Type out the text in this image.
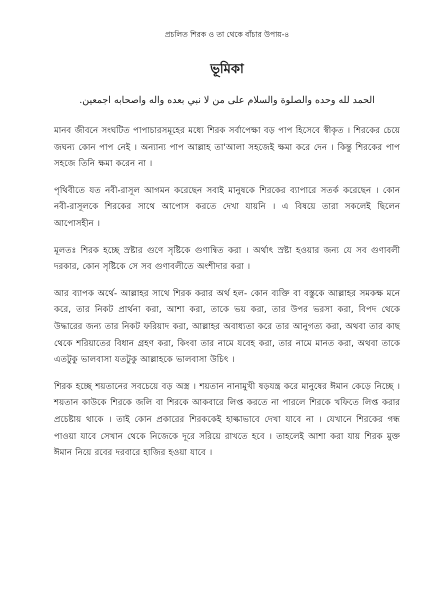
প্রচলিত শিরক ও তা থেকে বাঁচার উপায়-৪
ভূমিকা
الحمد لله وحده والصلوة والسلام على من لا نبي بعده واله واصحابه اجمعين.

মানব জীবনে সংঘটিত পাপাচারসমূহের মধ্যে শিরক সর্বাপেক্ষা বড় পাপ হিসেবে স্বীকৃত । শিরকের চেয়ে জঘন্য কোন পাপ নেই । অন্যান্য পাপ আল্লাহ তা'আলা সহজেই ক্ষমা করে দেন । কিন্তু শিরকের পাপ সহজে তিনি ক্ষমা করেন না ।

পৃথিবীতে যত নবী-রাসূল আগমন করেছেন সবাই মানুষকে শিরকের ব্যাপারে সতর্ক করেছেন । কোন নবী-রাসূলকে শিরকের সাথে আপোস করতে দেখা যায়নি । এ বিষয়ে তারা সকলেই ছিলেন আপোসহীন ।

মূলতঃ শিরক হচ্ছে স্রষ্টার গুণে সৃষ্টিকে গুণান্বিত করা । অর্থাৎ স্রষ্টা হওয়ার জন্য যে সব গুণাবলী দরকার, কোন সৃষ্টিকে সে সব গুণাবলীতে অংশীদার করা ।

আর ব্যাপক অর্থে- আল্লাহর সাথে শিরক করার অর্থ হল- কোন ব্যক্তি বা বস্তুকে আল্লাহর সমকক্ষ মনে করে, তার নিকট প্রার্থনা করা, আশা করা, তাকে ভয় করা, তার উপর ভরসা করা, বিপদ থেকে উদ্ধারের জন্য তার নিকট ফরিয়াদ করা, আল্লাহর অবাধ্যতা করে তার আনুগত্য করা, অথবা তার কাছ থেকে শরিয়াতের বিধান গ্রহণ করা, কিংবা তার নামে যবেহ করা, তার নামে মানত করা, অথবা তাকে এতটুকু ভালবাসা যতটুকু আল্লাহকে ভালবাসা উচিৎ ।

শিরক হচ্ছে শয়তানের সবচেয়ে বড় অস্ত্র । শয়তান নানামুখী ষড়যন্ত্র করে মানুষের ঈমান কেড়ে নিচ্ছে । শয়তান কাউকে শিরকে জলি বা শিরকে আকবারে লিপ্ত করতে না পারলে শিরকে খফিতে লিপ্ত করার প্রচেষ্টায় থাকে । তাই কোন প্রকারের শিরককেই হাল্কাভাবে দেখা যাবে না । যেখানে শিরকের গন্ধ পাওয়া যাবে সেখান থেকে নিজেকে দূরে সরিয়ে রাখতে হবে । তাহলেই আশা করা যায় শিরক মুক্ত ঈমান নিয়ে রবের দরবারে হাজির হওয়া যাবে ।
